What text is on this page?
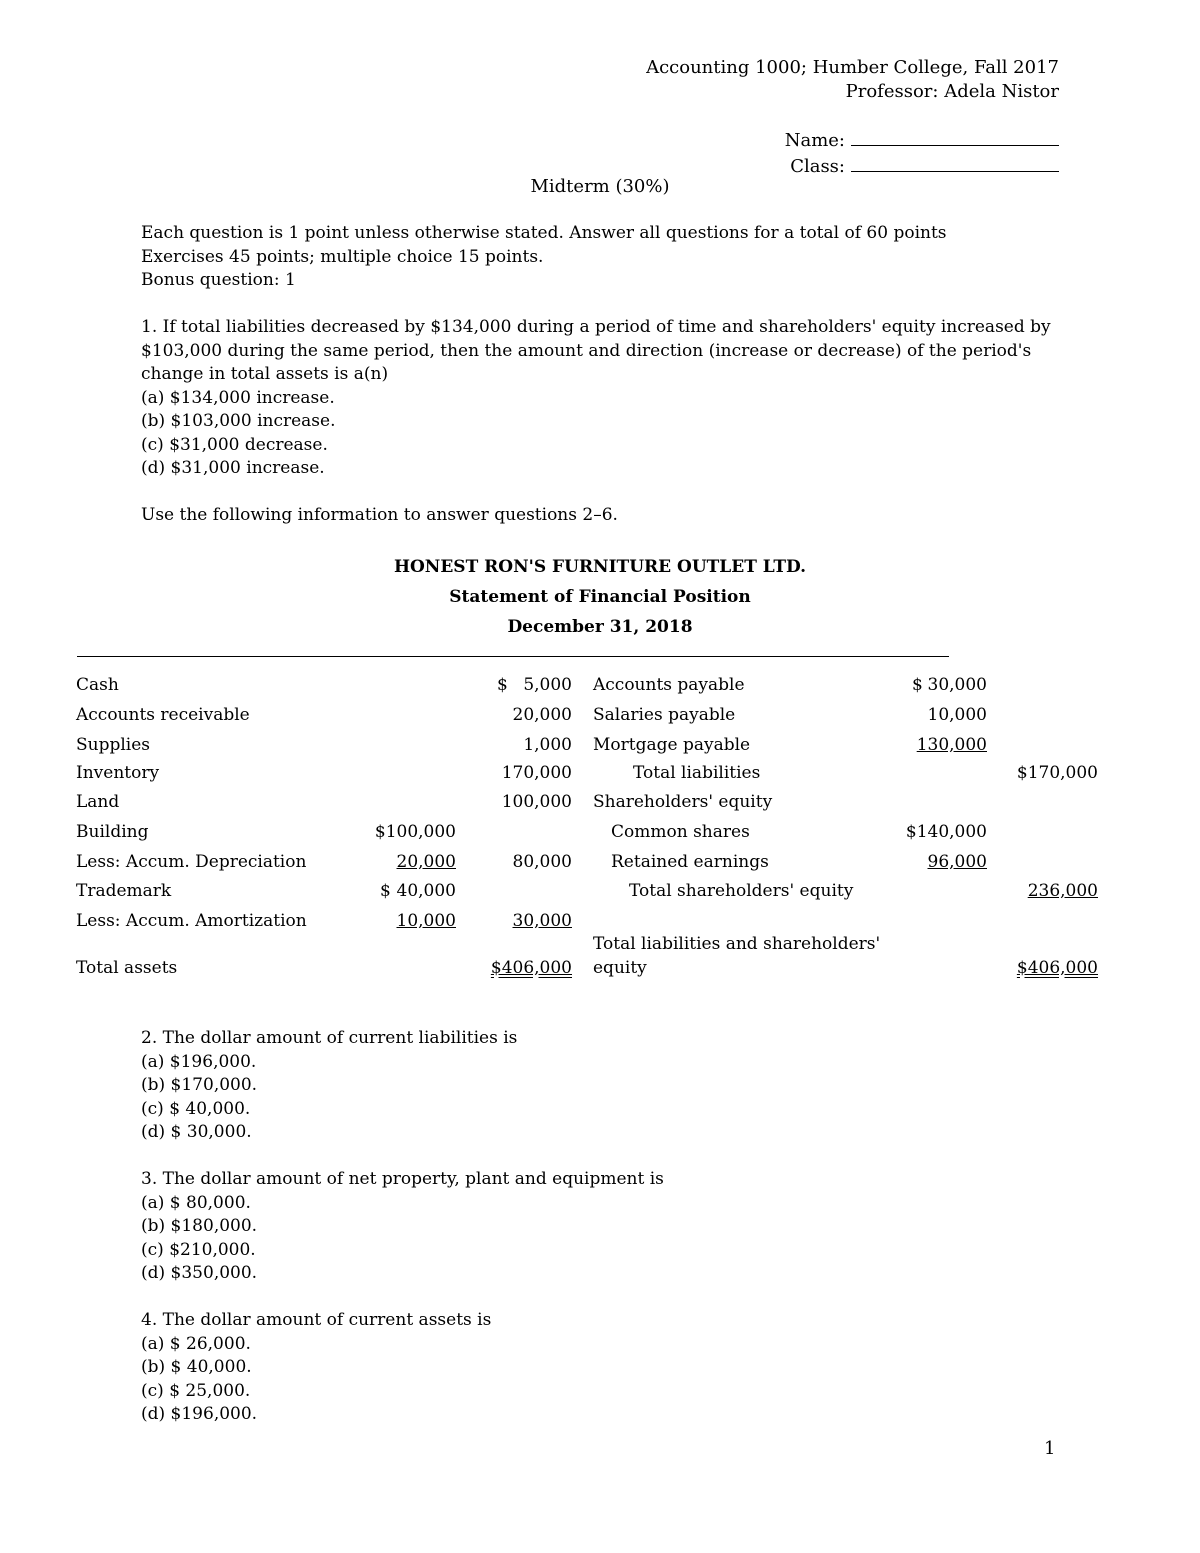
Accounting 1000; Humber College, Fall 2017
Professor: Adela Nistor
Name:
Class:
Midterm (30%)
Each question is 1 point unless otherwise stated. Answer all questions for a total of 60 points
Exercises 45 points; multiple choice 15 points.
Bonus question: 1

1. If total liabilities decreased by $134,000 during a period of time and shareholders' equity increased by $103,000 during the same period, then the amount and direction (increase or decrease) of the period's change in total assets is a(n)

(a) $134,000 increase.

(b) $103,000 increase.

(c) $31,000 decrease.

(d) $31,000 increase.

Use the following information to answer questions 2–6.
HONEST RON'S FURNITURE OUTLET LTD.
Statement of Financial Position
December 31, 2018
Cash	$ 5,000 Accounts payable	$ 30,000
Accounts receivable	20,000 Salaries payable	10,000
Supplies	1,000 Mortgage payable	130,000
Inventory	170,000	Total liabilities	$170,000
Land	100,000 Shareholders' equity
Building	$100,000	Common shares	$140,000
Less: Accum. Depreciation	20,000	80,000 Retained earnings	96,000
Trademark	$ 40,000	Total shareholders' equity	236,000
Less: Accum. Amortization	10,000	30,000
Total liabilities and shareholders'
Total assets	$406,000 equity	$406,000

2. The dollar amount of current liabilities is

(a) $196,000.

(b) $170,000.

(c) $ 40,000.

(d) $ 30,000.

3. The dollar amount of net property, plant and equipment is

(a) $ 80,000.

(b) $180,000.

(c) $210,000.

(d) $350,000.

4. The dollar amount of current assets is

(a) $ 26,000.

(b) $ 40,000.

(c) $ 25,000.

(d) $196,000.

1
